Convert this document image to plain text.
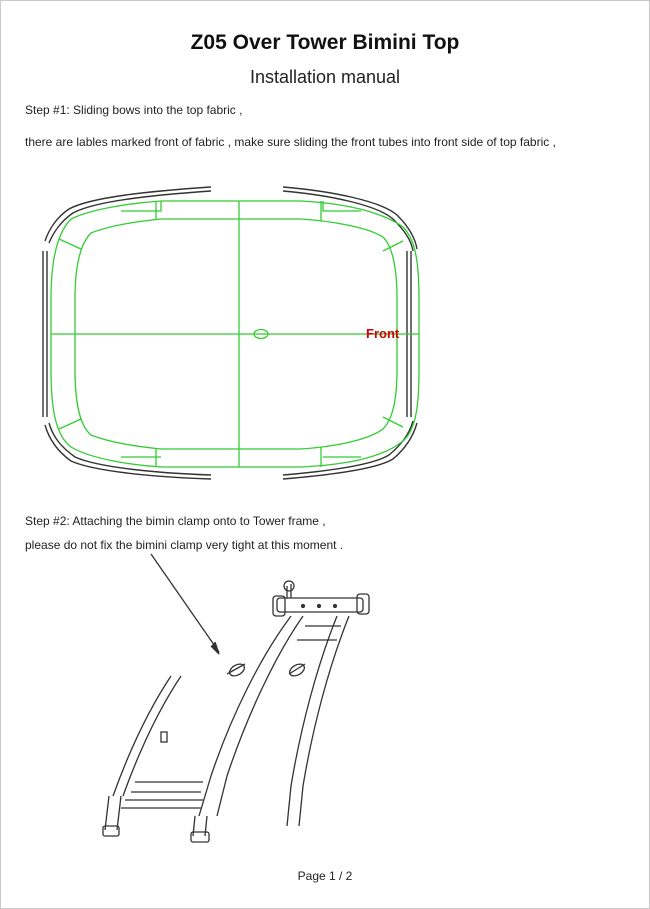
Z05 Over Tower Bimini Top
Installation manual
Step #1: Sliding bows into the top fabric ,
there are lables marked front of fabric , make sure sliding the front tubes into front side of top fabric ,
Front
Step #2: Attaching the bimin clamp onto to Tower frame ,
please do not fix the bimini clamp very tight at this moment .
Page 1 / 2
